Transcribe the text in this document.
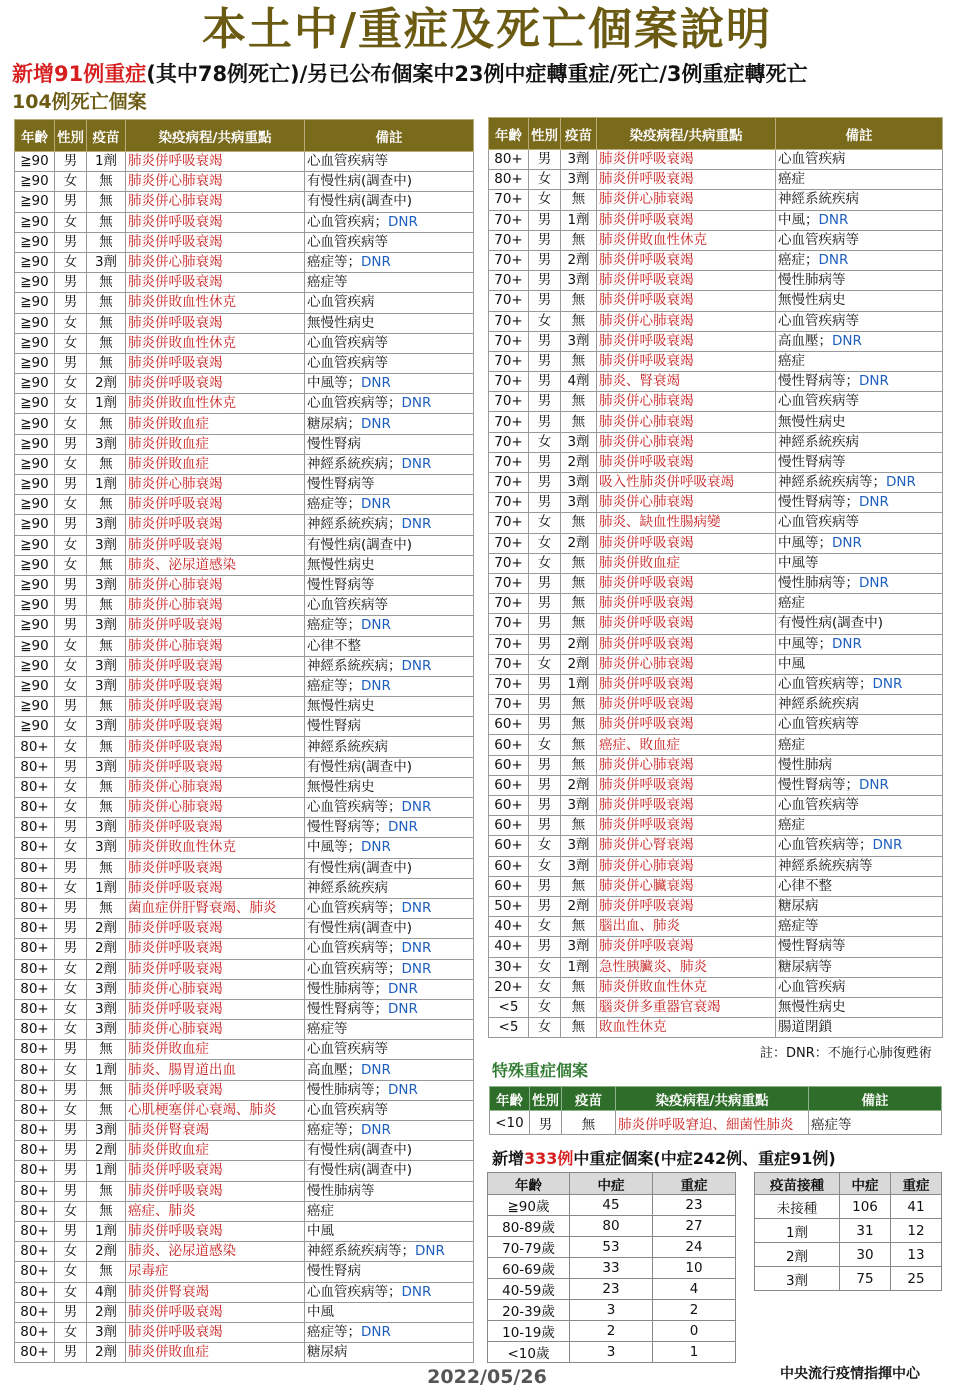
本土中/重症及死亡個案說明
新增91例重症(其中78例死亡)/另已公布個案中23例中症轉重症/死亡/3例重症轉死亡
104例死亡個案
年齡	性別	疫苗	染疫病程/共病重點	備註
≧90	男	1劑	肺炎併呼吸衰竭	心血管疾病等
≧90	女	無	肺炎併心肺衰竭	有慢性病(調查中)
≧90	男	無	肺炎併心肺衰竭	有慢性病(調查中)
≧90	女	無	肺炎併呼吸衰竭	心血管疾病；DNR
≧90	男	無	肺炎併呼吸衰竭	心血管疾病等
≧90	女	3劑	肺炎併心肺衰竭	癌症等；DNR
≧90	男	無	肺炎併呼吸衰竭	癌症等
≧90	男	無	肺炎併敗血性休克	心血管疾病
≧90	女	無	肺炎併呼吸衰竭	無慢性病史
≧90	女	無	肺炎併敗血性休克	心血管疾病等
≧90	男	無	肺炎併呼吸衰竭	心血管疾病等
≧90	女	2劑	肺炎併呼吸衰竭	中風等；DNR
≧90	女	1劑	肺炎併敗血性休克	心血管疾病等；DNR
≧90	女	無	肺炎併敗血症	糖尿病；DNR
≧90	男	3劑	肺炎併敗血症	慢性腎病
≧90	女	無	肺炎併敗血症	神經系統疾病；DNR
≧90	男	1劑	肺炎併心肺衰竭	慢性腎病等
≧90	女	無	肺炎併呼吸衰竭	癌症等；DNR
≧90	男	3劑	肺炎併呼吸衰竭	神經系統疾病；DNR
≧90	女	3劑	肺炎併呼吸衰竭	有慢性病(調查中)
≧90	女	無	肺炎、泌尿道感染	無慢性病史
≧90	男	3劑	肺炎併心肺衰竭	慢性腎病等
≧90	男	無	肺炎併心肺衰竭	心血管疾病等
≧90	男	3劑	肺炎併呼吸衰竭	癌症等；DNR
≧90	女	無	肺炎併心肺衰竭	心律不整
≧90	女	3劑	肺炎併呼吸衰竭	神經系統疾病；DNR
≧90	女	3劑	肺炎併呼吸衰竭	癌症等；DNR
≧90	男	無	肺炎併呼吸衰竭	無慢性病史
≧90	女	3劑	肺炎併呼吸衰竭	慢性腎病
80+	女	無	肺炎併呼吸衰竭	神經系統疾病
80+	男	3劑	肺炎併呼吸衰竭	有慢性病(調查中)
80+	女	無	肺炎併心肺衰竭	無慢性病史
80+	女	無	肺炎併心肺衰竭	心血管疾病等；DNR
80+	男	3劑	肺炎併呼吸衰竭	慢性腎病等；DNR
80+	女	3劑	肺炎併敗血性休克	中風等；DNR
80+	男	無	肺炎併呼吸衰竭	有慢性病(調查中)
80+	女	1劑	肺炎併呼吸衰竭	神經系統疾病
80+	男	無	菌血症併肝腎衰竭、肺炎	心血管疾病等；DNR
80+	男	2劑	肺炎併呼吸衰竭	有慢性病(調查中)
80+	男	2劑	肺炎併呼吸衰竭	心血管疾病等；DNR
80+	女	2劑	肺炎併呼吸衰竭	心血管疾病等；DNR
80+	女	3劑	肺炎併心肺衰竭	慢性肺病等；DNR
80+	女	3劑	肺炎併呼吸衰竭	慢性腎病等；DNR
80+	女	3劑	肺炎併心肺衰竭	癌症等
80+	男	無	肺炎併敗血症	心血管疾病等
80+	女	1劑	肺炎、腸胃道出血	高血壓；DNR
80+	男	無	肺炎併呼吸衰竭	慢性肺病等；DNR
80+	女	無	心肌梗塞併心衰竭、肺炎	心血管疾病等
80+	男	3劑	肺炎併腎衰竭	癌症等；DNR
80+	男	2劑	肺炎併敗血症	有慢性病(調查中)
80+	男	1劑	肺炎併呼吸衰竭	有慢性病(調查中)
80+	男	無	肺炎併呼吸衰竭	慢性肺病等
80+	女	無	癌症、肺炎	癌症
80+	男	1劑	肺炎併呼吸衰竭	中風
80+	女	2劑	肺炎、泌尿道感染	神經系統疾病等；DNR
80+	女	無	尿毒症	慢性腎病
80+	女	4劑	肺炎併腎衰竭	心血管疾病等；DNR
80+	男	2劑	肺炎併呼吸衰竭	中風
80+	女	3劑	肺炎併呼吸衰竭	癌症等；DNR
80+	男	2劑	肺炎併敗血症	糖尿病
年齡	性別	疫苗	染疫病程/共病重點	備註
80+	男	3劑	肺炎併呼吸衰竭	心血管疾病
80+	女	3劑	肺炎併呼吸衰竭	癌症
70+	女	無	肺炎併心肺衰竭	神經系統疾病
70+	男	1劑	肺炎併呼吸衰竭	中風；DNR
70+	男	無	肺炎併敗血性休克	心血管疾病等
70+	男	2劑	肺炎併呼吸衰竭	癌症；DNR
70+	男	3劑	肺炎併呼吸衰竭	慢性肺病等
70+	男	無	肺炎併呼吸衰竭	無慢性病史
70+	女	無	肺炎併心肺衰竭	心血管疾病等
70+	男	3劑	肺炎併呼吸衰竭	高血壓；DNR
70+	男	無	肺炎併呼吸衰竭	癌症
70+	男	4劑	肺炎、腎衰竭	慢性腎病等；DNR
70+	男	無	肺炎併心肺衰竭	心血管疾病等
70+	男	無	肺炎併心肺衰竭	無慢性病史
70+	女	3劑	肺炎併心肺衰竭	神經系統疾病
70+	男	2劑	肺炎併呼吸衰竭	慢性腎病等
70+	男	3劑	吸入性肺炎併呼吸衰竭	神經系統疾病等；DNR
70+	男	3劑	肺炎併心肺衰竭	慢性腎病等；DNR
70+	女	無	肺炎、缺血性腸病變	心血管疾病等
70+	女	2劑	肺炎併呼吸衰竭	中風等；DNR
70+	女	無	肺炎併敗血症	中風等
70+	男	無	肺炎併呼吸衰竭	慢性肺病等；DNR
70+	男	無	肺炎併呼吸衰竭	癌症
70+	男	無	肺炎併呼吸衰竭	有慢性病(調查中)
70+	男	2劑	肺炎併呼吸衰竭	中風等；DNR
70+	女	2劑	肺炎併心肺衰竭	中風
70+	男	1劑	肺炎併呼吸衰竭	心血管疾病等；DNR
70+	男	無	肺炎併呼吸衰竭	神經系統疾病
60+	男	無	肺炎併呼吸衰竭	心血管疾病等
60+	女	無	癌症、敗血症	癌症
60+	男	無	肺炎併心肺衰竭	慢性肺病
60+	男	2劑	肺炎併呼吸衰竭	慢性腎病等；DNR
60+	男	3劑	肺炎併呼吸衰竭	心血管疾病等
60+	男	無	肺炎併呼吸衰竭	癌症
60+	女	3劑	肺炎併心腎衰竭	心血管疾病等；DNR
60+	女	3劑	肺炎併心肺衰竭	神經系統疾病等
60+	男	無	肺炎併心臟衰竭	心律不整
50+	男	2劑	肺炎併呼吸衰竭	糖尿病
40+	女	無	腦出血、肺炎	癌症等
40+	男	3劑	肺炎併呼吸衰竭	慢性腎病等
30+	女	1劑	急性胰臟炎、肺炎	糖尿病等
20+	女	無	肺炎併敗血性休克	心血管疾病
<5	女	無	腦炎併多重器官衰竭	無慢性病史
<5	女	無	敗血性休克	腸道閉鎖
註：DNR：不施行心肺復甦術
特殊重症個案
年齡	性別	疫苗	染疫病程/共病重點	備註
<10	男	無	肺炎併呼吸窘迫、細菌性肺炎	癌症等
新增333例中重症個案(中症242例、重症91例)
年齡	中症	重症
≧90歲	45	23
80-89歲	80	27
70-79歲	53	24
60-69歲	33	10
40-59歲	23	4
20-39歲	3	2
10-19歲	2	0
<10歲	3	1
疫苗接種	中症	重症
未接種	106	41
1劑	31	12
2劑	30	13
3劑	75	25
2022/05/26	中央流行疫情指揮中心
